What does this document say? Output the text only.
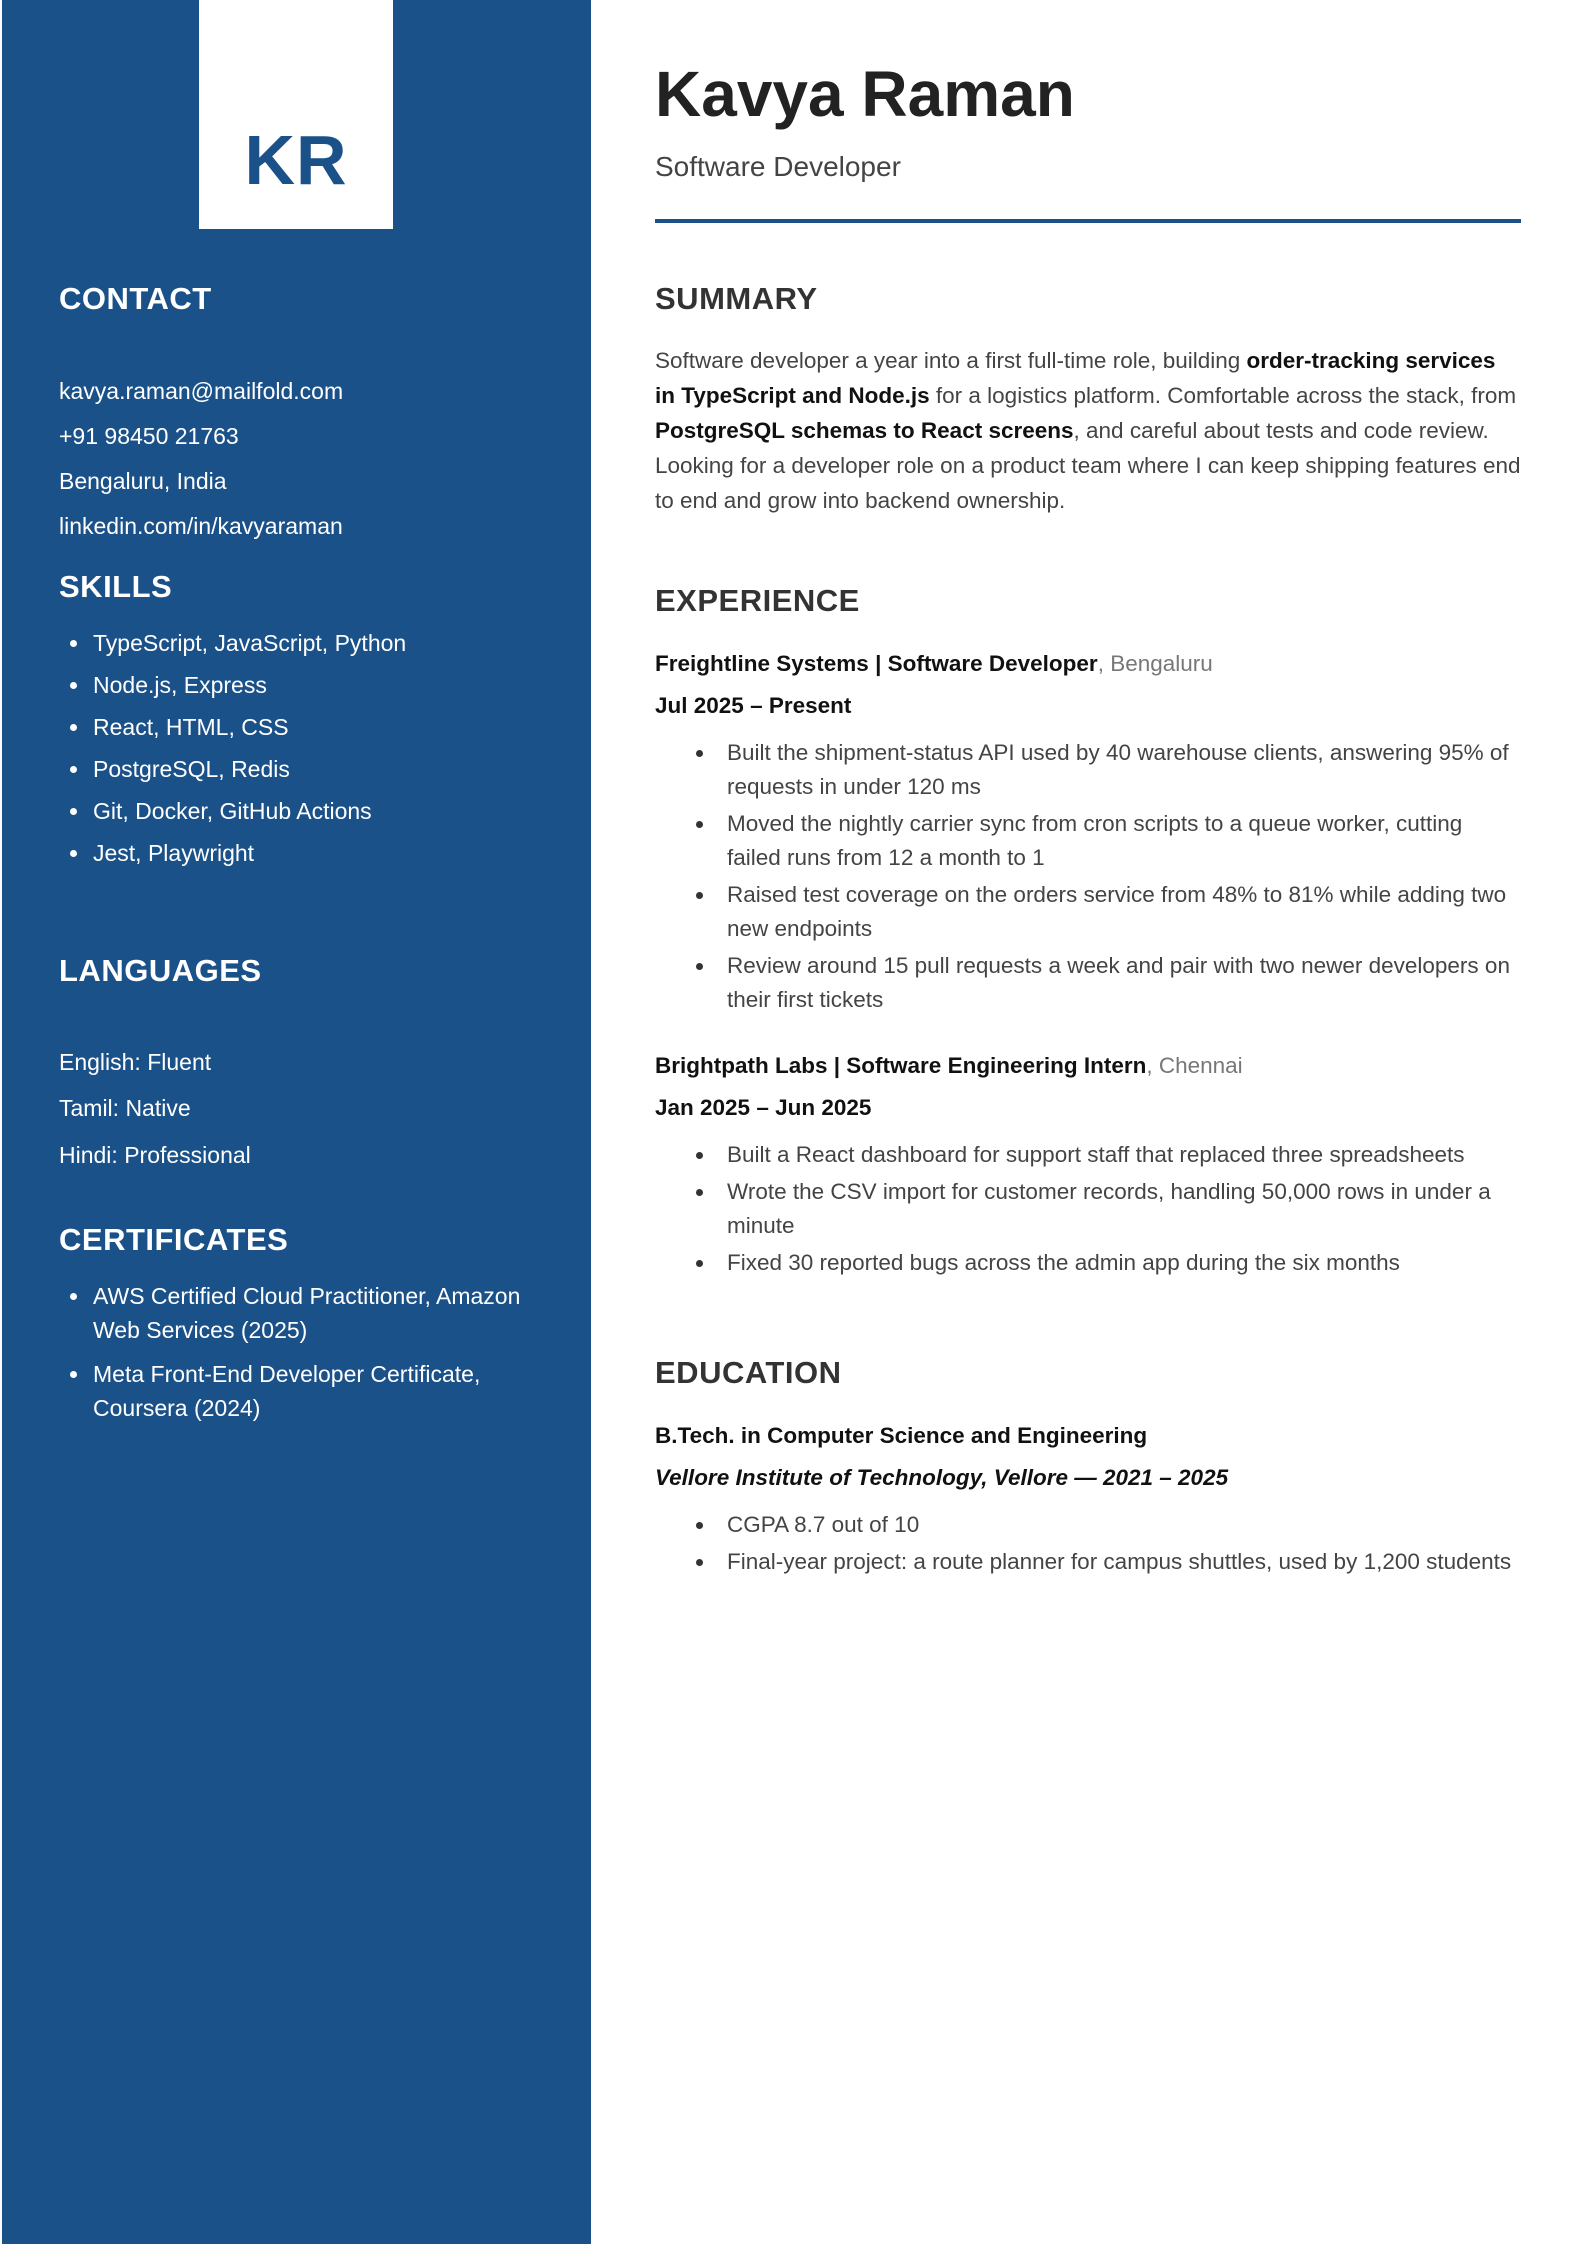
KR
CONTACT
kavya.raman@mailfold.com
+91 98450 21763
Bengaluru, India
linkedin.com/in/kavyaraman
SKILLS
TypeScript, JavaScript, Python
Node.js, Express
React, HTML, CSS
PostgreSQL, Redis
Git, Docker, GitHub Actions
Jest, Playwright
LANGUAGES
English: Fluent
Tamil: Native
Hindi: Professional
CERTIFICATES
AWS Certified Cloud Practitioner, Amazon Web Services (2025)
Meta Front-End Developer Certificate, Coursera (2024)
Kavya Raman
Software Developer
SUMMARY

Software developer a year into a first full-time role, building order-tracking services in TypeScript and Node.js for a logistics platform. Comfortable across the stack, from PostgreSQL schemas to React screens, and careful about tests and code review. Looking for a developer role on a product team where I can keep shipping features end to end and grow into backend ownership.

EXPERIENCE
Freightline Systems | Software Developer, Bengaluru
Jul 2025 – Present
Built the shipment-status API used by 40 warehouse clients, answering 95% of requests in under 120 ms
Moved the nightly carrier sync from cron scripts to a queue worker, cutting failed runs from 12 a month to 1
Raised test coverage on the orders service from 48% to 81% while adding two new endpoints
Review around 15 pull requests a week and pair with two newer developers on their first tickets
Brightpath Labs | Software Engineering Intern, Chennai
Jan 2025 – Jun 2025
Built a React dashboard for support staff that replaced three spreadsheets
Wrote the CSV import for customer records, handling 50,000 rows in under a minute
Fixed 30 reported bugs across the admin app during the six months
EDUCATION
B.Tech. in Computer Science and Engineering
Vellore Institute of Technology, Vellore — 2021 – 2025
CGPA 8.7 out of 10
Final-year project: a route planner for campus shuttles, used by 1,200 students
